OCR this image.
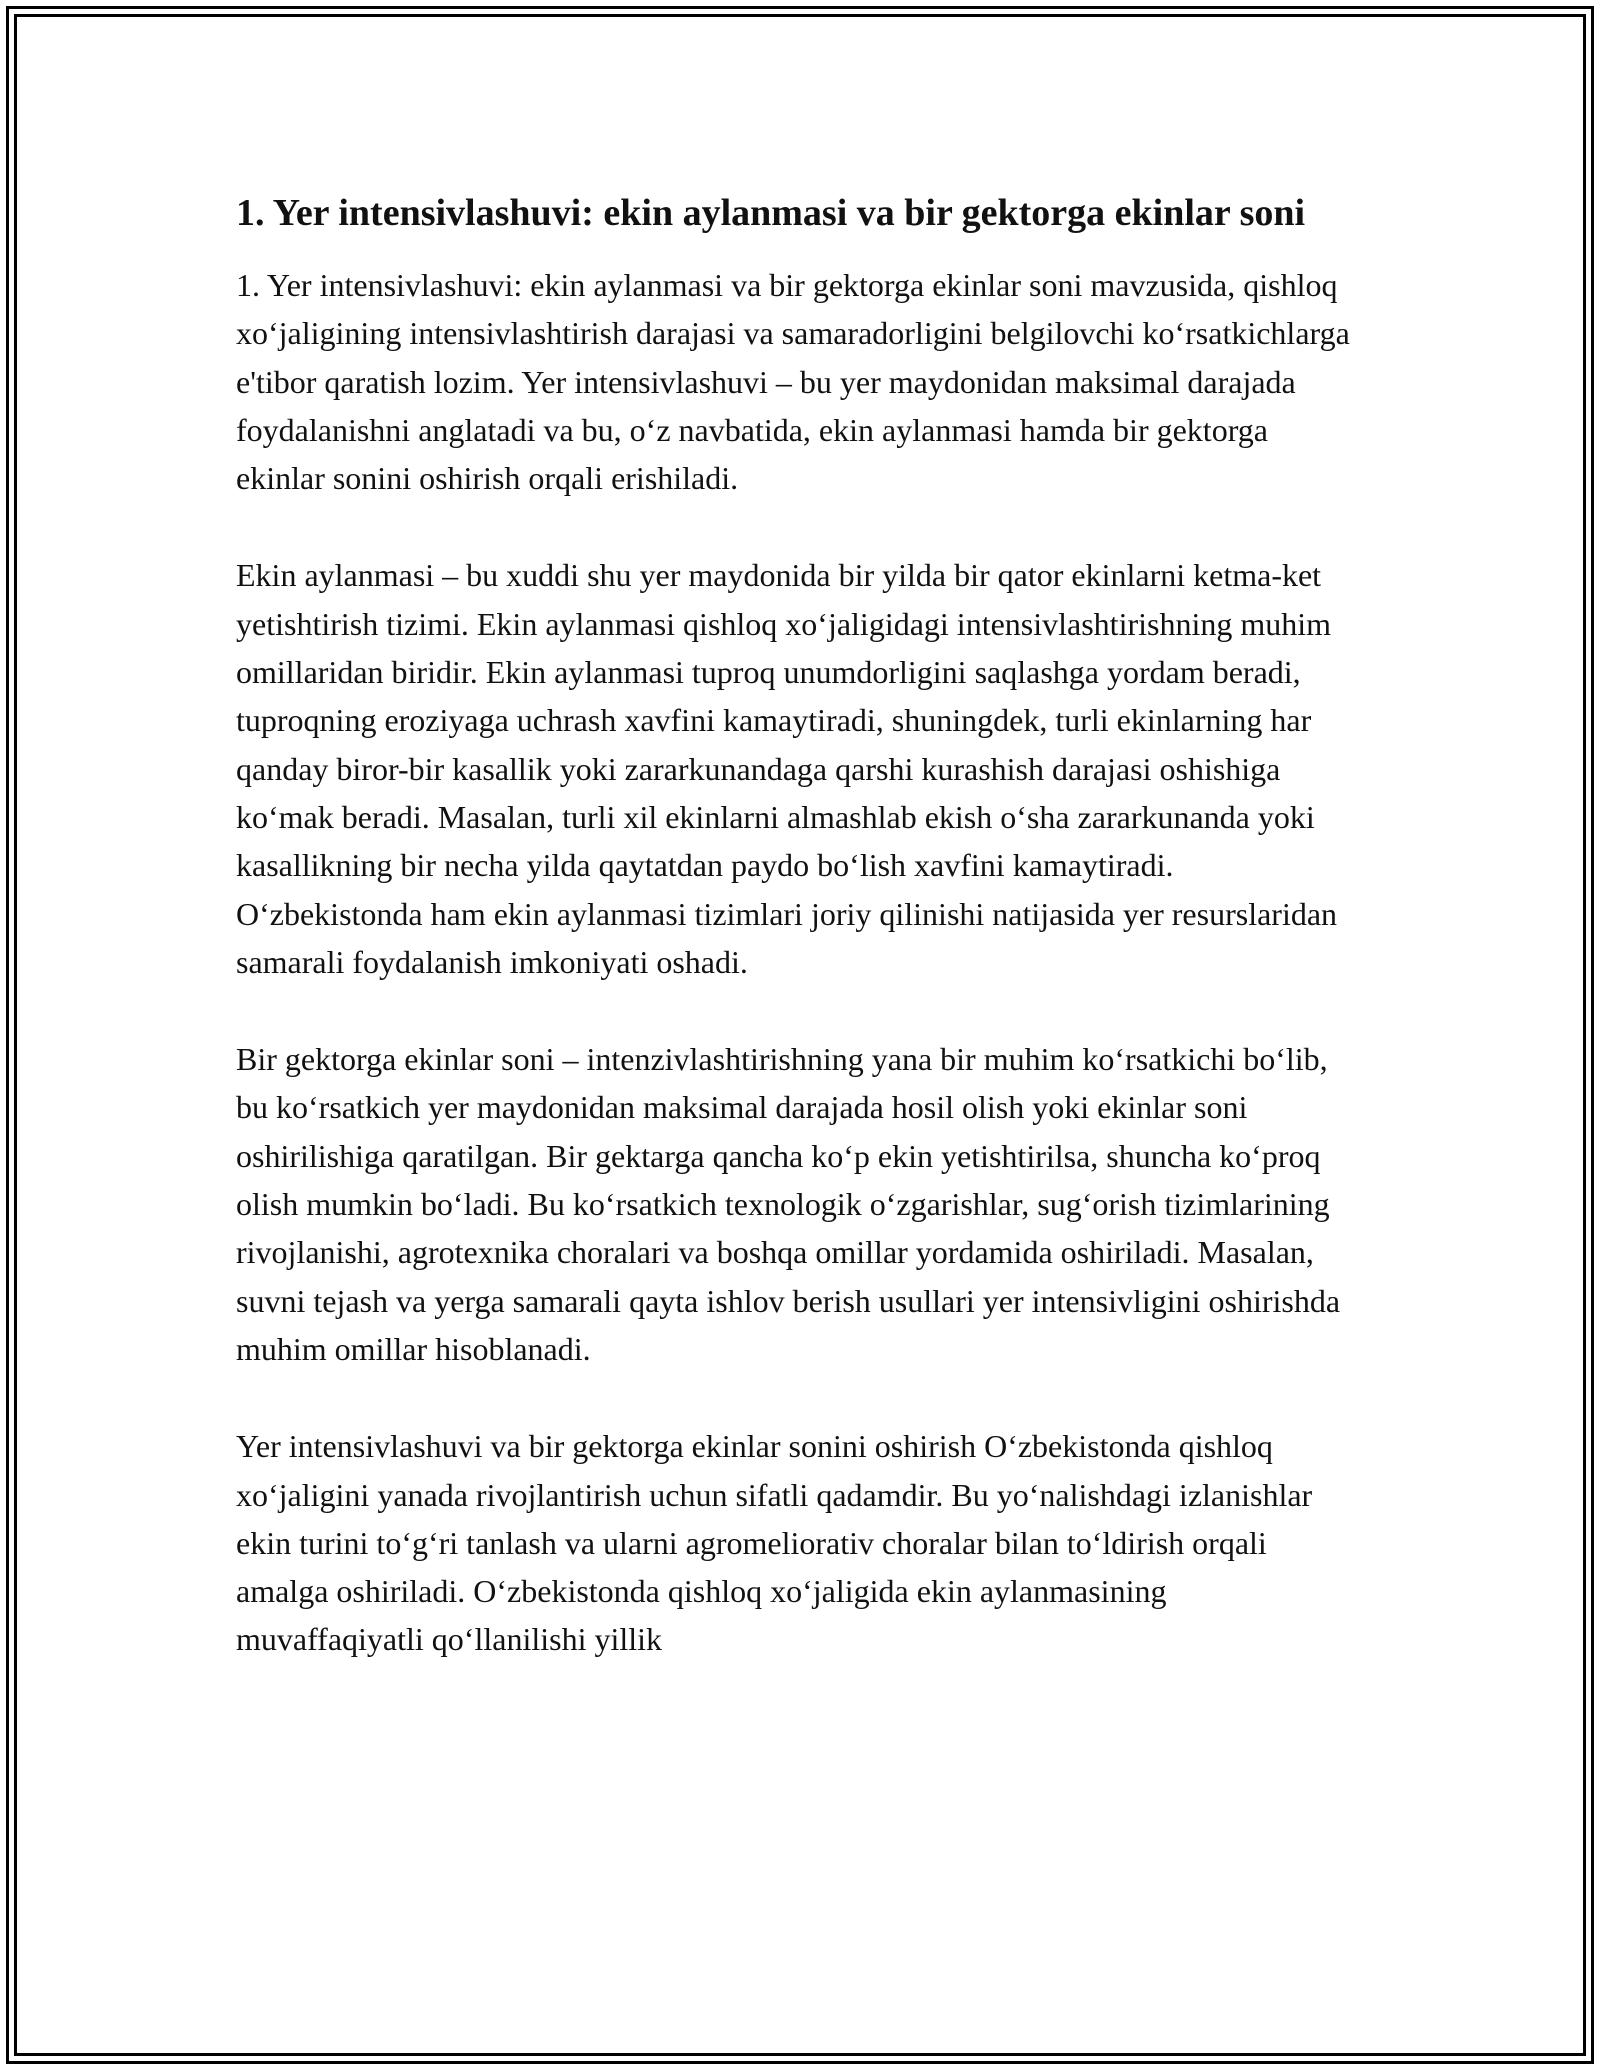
1. Yer intensivlashuvi: ekin aylanmasi va bir gektorga ekinlar soni

1. Yer intensivlashuvi: ekin aylanmasi va bir gektorga ekinlar soni mavzusida, qishloq xoʻjaligining intensivlashtirish darajasi va samaradorligini belgilovchi koʻrsatkichlarga e'tibor qaratish lozim. Yer intensivlashuvi – bu yer maydonidan maksimal darajada foydalanishni anglatadi va bu, oʻz navbatida, ekin aylanmasi hamda bir gektorga ekinlar sonini oshirish orqali erishiladi.

Ekin aylanmasi – bu xuddi shu yer maydonida bir yilda bir qator ekinlarni ketma-ket yetishtirish tizimi. Ekin aylanmasi qishloq xoʻjaligidagi intensivlashtirishning muhim omillaridan biridir. Ekin aylanmasi tuproq unumdorligini saqlashga yordam beradi, tuproqning eroziyaga uchrash xavfini kamaytiradi, shuningdek, turli ekinlarning har qanday biror-bir kasallik yoki zararkunandaga qarshi kurashish darajasi oshishiga koʻmak beradi. Masalan, turli xil ekinlarni almashlab ekish oʻsha zararkunanda yoki kasallikning bir necha yilda qaytatdan paydo boʻlish xavfini kamaytiradi. Oʻzbekistonda ham ekin aylanmasi tizimlari joriy qilinishi natijasida yer resurslaridan samarali foydalanish imkoniyati oshadi.

Bir gektorga ekinlar soni – intenzivlashtirishning yana bir muhim koʻrsatkichi boʻlib, bu koʻrsatkich yer maydonidan maksimal darajada hosil olish yoki ekinlar soni oshirilishiga qaratilgan. Bir gektarga qancha koʻp ekin yetishtirilsa, shuncha koʻproq olish mumkin boʻladi. Bu koʻrsatkich texnologik oʻzgarishlar, sugʻorish tizimlarining rivojlanishi, agrotexnika choralari va boshqa omillar yordamida oshiriladi. Masalan, suvni tejash va yerga samarali qayta ishlov berish usullari yer intensivligini oshirishda muhim omillar hisoblanadi.

Yer intensivlashuvi va bir gektorga ekinlar sonini oshirish Oʻzbekistonda qishloq xoʻjaligini yanada rivojlantirish uchun sifatli qadamdir. Bu yoʻnalishdagi izlanishlar ekin turini toʻgʻri tanlash va ularni agromeliorativ choralar bilan toʻldirish orqali amalga oshiriladi. Oʻzbekistonda qishloq xoʻjaligida ekin aylanmasining muvaffaqiyatli qoʻllanilishi yillik
